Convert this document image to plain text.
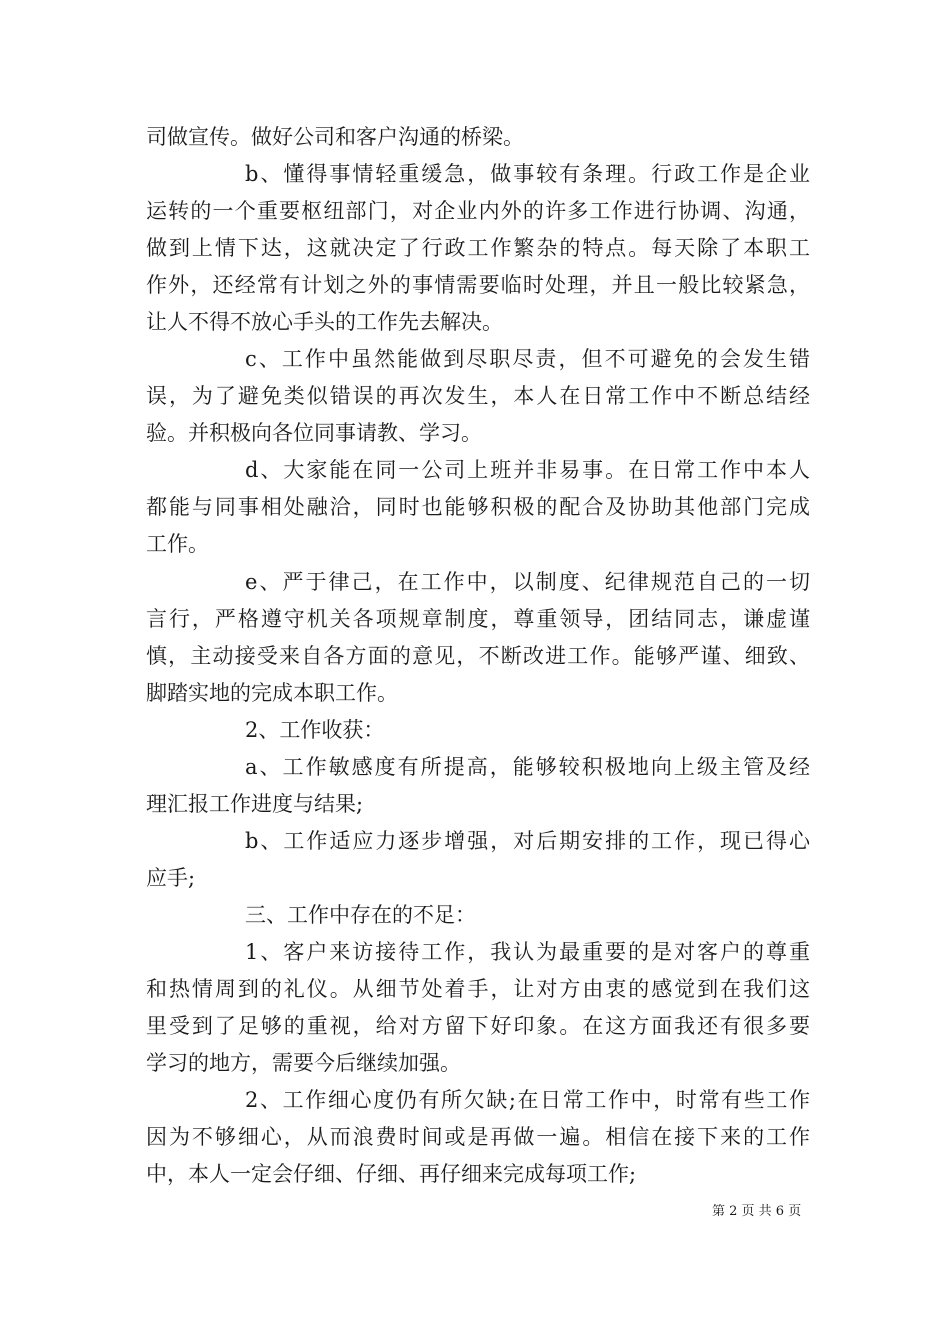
司做宣传。做好公司和客户沟通的桥梁。

b、懂得事情轻重缓急，做事较有条理。行政工作是企业

运转的一个重要枢纽部门，对企业内外的许多工作进行协调、沟通，

做到上情下达，这就决定了行政工作繁杂的特点。每天除了本职工

作外，还经常有计划之外的事情需要临时处理，并且一般比较紧急，

让人不得不放心手头的工作先去解决。

c、工作中虽然能做到尽职尽责，但不可避免的会发生错

误，为了避免类似错误的再次发生，本人在日常工作中不断总结经

验。并积极向各位同事请教、学习。

d、大家能在同一公司上班并非易事。在日常工作中本人

都能与同事相处融洽，同时也能够积极的配合及协助其他部门完成

工作。

e、严于律己，在工作中，以制度、纪律规范自己的一切

言行，严格遵守机关各项规章制度，尊重领导，团结同志，谦虚谨

慎，主动接受来自各方面的意见，不断改进工作。能够严谨、细致、

脚踏实地的完成本职工作。

2、工作收获：

a、工作敏感度有所提高，能够较积极地向上级主管及经

理汇报工作进度与结果;

b、工作适应力逐步增强，对后期安排的工作，现已得心

应手;

三、工作中存在的不足：

1、客户来访接待工作，我认为最重要的是对客户的尊重

和热情周到的礼仪。从细节处着手，让对方由衷的感觉到在我们这

里受到了足够的重视，给对方留下好印象。在这方面我还有很多要

学习的地方，需要今后继续加强。

2、工作细心度仍有所欠缺;在日常工作中，时常有些工作

因为不够细心，从而浪费时间或是再做一遍。相信在接下来的工作

中，本人一定会仔细、仔细、再仔细来完成每项工作;

第 2 页 共 6 页
